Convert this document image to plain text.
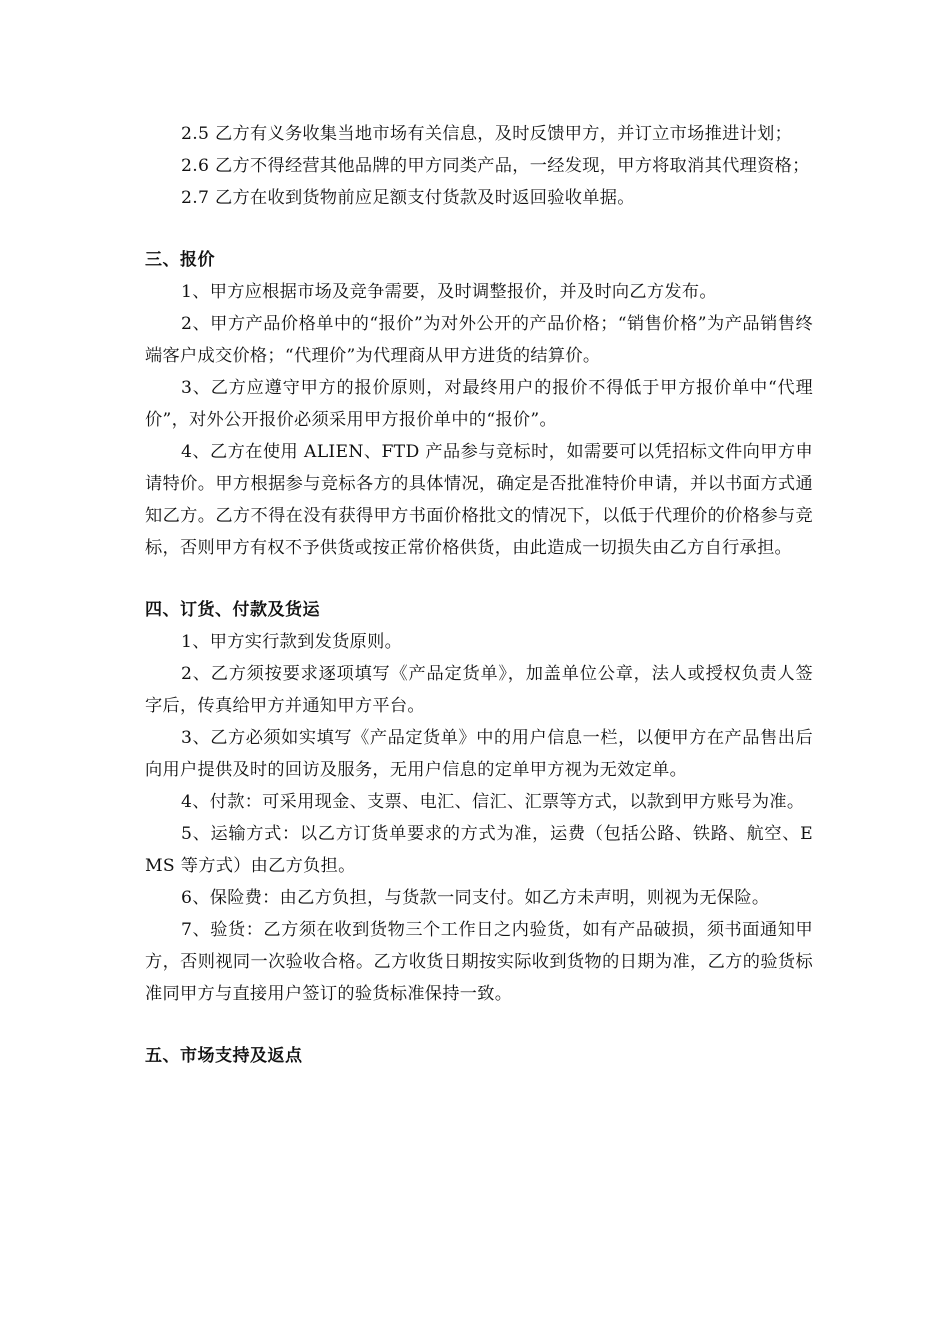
2.5 乙方有义务收集当地市场有关信息，及时反馈甲方，并订立市场推进计划；

2.6 乙方不得经营其他品牌的甲方同类产品，一经发现，甲方将取消其代理资格；

2.7 乙方在收到货物前应足额支付货款及时返回验收单据。

三、报价

1、甲方应根据市场及竞争需要，及时调整报价，并及时向乙方发布。

2、甲方产品价格单中的“报价”为对外公开的产品价格；“销售价格”为产品销售终端客户成交价格；“代理价”为代理商从甲方进货的结算价。

3、乙方应遵守甲方的报价原则，对最终用户的报价不得低于甲方报价单中“代理价”，对外公开报价必须采用甲方报价单中的“报价”。

4、乙方在使用 ALIEN、FTD 产品参与竞标时，如需要可以凭招标文件向甲方申请特价。甲方根据参与竞标各方的具体情况，确定是否批准特价申请，并以书面方式通知乙方。乙方不得在没有获得甲方书面价格批文的情况下，以低于代理价的价格参与竞标，否则甲方有权不予供货或按正常价格供货，由此造成一切损失由乙方自行承担。

四、订货、付款及货运

1、甲方实行款到发货原则。

2、乙方须按要求逐项填写《产品定货单》，加盖单位公章，法人或授权负责人签字后，传真给甲方并通知甲方平台。

3、乙方必须如实填写《产品定货单》中的用户信息一栏，以便甲方在产品售出后向用户提供及时的回访及服务，无用户信息的定单甲方视为无效定单。

4、付款：可采用现金、支票、电汇、信汇、汇票等方式，以款到甲方账号为准。

5、运输方式：以乙方订货单要求的方式为准，运费（包括公路、铁路、航空、EMS 等方式）由乙方负担。

6、保险费：由乙方负担，与货款一同支付。如乙方未声明，则视为无保险。

7、验货：乙方须在收到货物三个工作日之内验货，如有产品破损，须书面通知甲方，否则视同一次验收合格。乙方收货日期按实际收到货物的日期为准，乙方的验货标准同甲方与直接用户签订的验货标准保持一致。

五、市场支持及返点
